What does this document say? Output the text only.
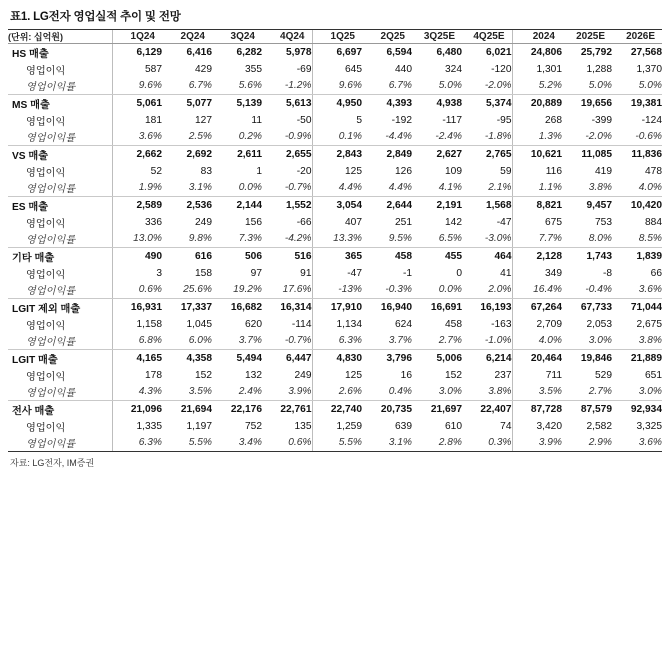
표1. LG전자 영업실적 추이 및 전망
(단위: 십억원)	1Q24	2Q24	3Q24	4Q24	1Q25	2Q25	3Q25E	4Q25E	2024	2025E	2026E
HS 매출	6,129	6,416	6,282	5,978	6,697	6,594	6,480	6,021	24,806	25,792	27,568
영업이익	587	429	355	-69	645	440	324	-120	1,301	1,288	1,370
영업이익률	9.6%	6.7%	5.6%	-1.2%	9.6%	6.7%	5.0%	-2.0%	5.2%	5.0%	5.0%
MS 매출	5,061	5,077	5,139	5,613	4,950	4,393	4,938	5,374	20,889	19,656	19,381
영업이익	181	127	11	-50	5	-192	-117	-95	268	-399	-124
영업이익률	3.6%	2.5%	0.2%	-0.9%	0.1%	-4.4%	-2.4%	-1.8%	1.3%	-2.0%	-0.6%
VS 매출	2,662	2,692	2,611	2,655	2,843	2,849	2,627	2,765	10,621	11,085	11,836
영업이익	52	83	1	-20	125	126	109	59	116	419	478
영업이익률	1.9%	3.1%	0.0%	-0.7%	4.4%	4.4%	4.1%	2.1%	1.1%	3.8%	4.0%
ES 매출	2,589	2,536	2,144	1,552	3,054	2,644	2,191	1,568	8,821	9,457	10,420
영업이익	336	249	156	-66	407	251	142	-47	675	753	884
영업이익률	13.0%	9.8%	7.3%	-4.2%	13.3%	9.5%	6.5%	-3.0%	7.7%	8.0%	8.5%
기타 매출	490	616	506	516	365	458	455	464	2,128	1,743	1,839
영업이익	3	158	97	91	-47	-1	0	41	349	-8	66
영업이익률	0.6%	25.6%	19.2%	17.6%	-13%	-0.3%	0.0%	2.0%	16.4%	-0.4%	3.6%
LGIT 제외 매출	16,931	17,337	16,682	16,314	17,910	16,940	16,691	16,193	67,264	67,733	71,044
영업이익	1,158	1,045	620	-114	1,134	624	458	-163	2,709	2,053	2,675
영업이익률	6.8%	6.0%	3.7%	-0.7%	6.3%	3.7%	2.7%	-1.0%	4.0%	3.0%	3.8%
LGIT 매출	4,165	4,358	5,494	6,447	4,830	3,796	5,006	6,214	20,464	19,846	21,889
영업이익	178	152	132	249	125	16	152	237	711	529	651
영업이익률	4.3%	3.5%	2.4%	3.9%	2.6%	0.4%	3.0%	3.8%	3.5%	2.7%	3.0%
전사 매출	21,096	21,694	22,176	22,761	22,740	20,735	21,697	22,407	87,728	87,579	92,934
영업이익	1,335	1,197	752	135	1,259	639	610	74	3,420	2,582	3,325
영업이익률	6.3%	5.5%	3.4%	0.6%	5.5%	3.1%	2.8%	0.3%	3.9%	2.9%	3.6%
자료: LG전자, IM증권
